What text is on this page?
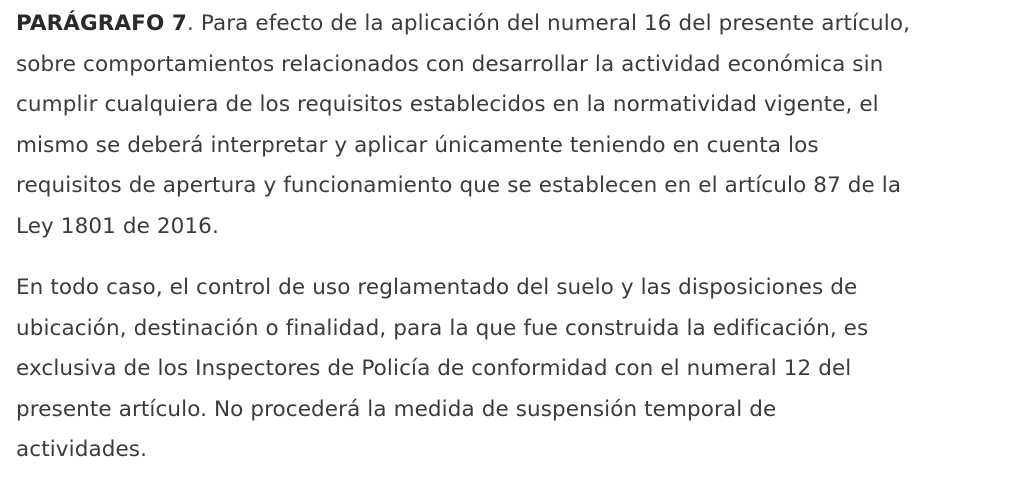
PARÁGRAFO 7. Para efecto de la aplicación del numeral 16 del presente artículo,
sobre comportamientos relacionados con desarrollar la actividad económica sin
cumplir cualquiera de los requisitos establecidos en la normatividad vigente, el
mismo se deberá interpretar y aplicar únicamente teniendo en cuenta los
requisitos de apertura y funcionamiento que se establecen en el artículo 87 de la
Ley 1801 de 2016.

En todo caso, el control de uso reglamentado del suelo y las disposiciones de
ubicación, destinación o finalidad, para la que fue construida la edificación, es
exclusiva de los Inspectores de Policía de conformidad con el numeral 12 del
presente artículo. No procederá la medida de suspensión temporal de
actividades.
